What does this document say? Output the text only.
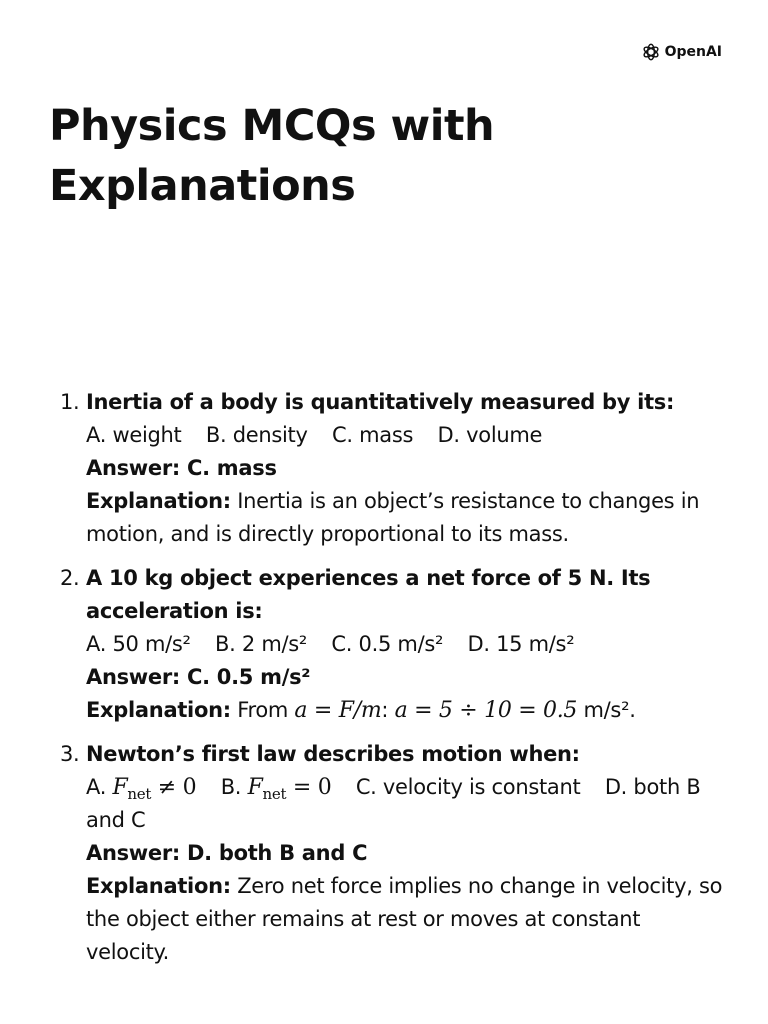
OpenAI
Physics MCQs with Explanations
1. Inertia of a body is quantitatively measured by its:
A. weight B. density C. mass D. volume
Answer: C. mass
Explanation: Inertia is an object’s resistance to changes in motion, and is directly proportional to its mass.
2. A 10 kg object experiences a net force of 5 N. Its acceleration is:
A. 50 m/s² B. 2 m/s² C. 0.5 m/s² D. 15 m/s²
Answer: C. 0.5 m/s²
Explanation: From a = F/m: a = 5 ÷ 10 = 0.5 m/s².
3. Newton’s first law describes motion when:
A. $F_{net} \ne 0$ B. $F_{net} = 0$ C. velocity is constant D. both B and C
Answer: D. both B and C
Explanation: Zero net force implies no change in velocity, so the object either remains at rest or moves at constant velocity.
